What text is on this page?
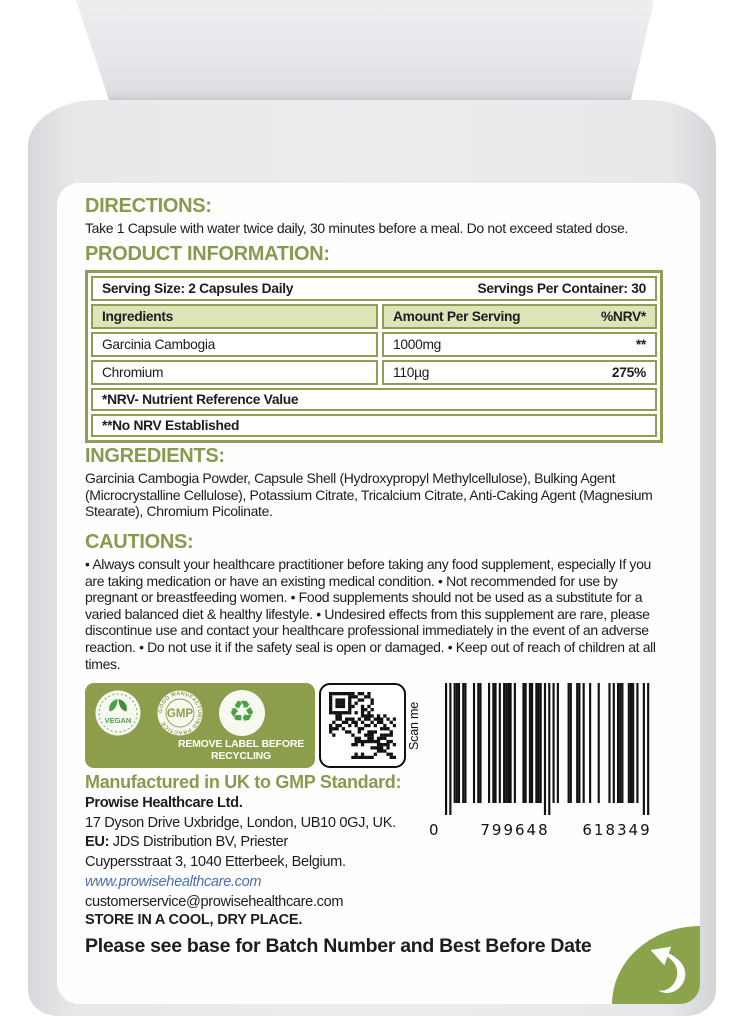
DIRECTIONS:
Take 1 Capsule with water twice daily, 30 minutes before a meal. Do not exceed stated dose.
PRODUCT INFORMATION:
Serving Size: 2 Capsules Daily	Servings Per Container: 30
Ingredients	Amount Per Serving	%NRV*
Garcinia Cambogia	1000mg	**
Chromium	110µg	275%
*NRV- Nutrient Reference Value
**No NRV Established
INGREDIENTS:
Garcinia Cambogia Powder, Capsule Shell (Hydroxypropyl Methylcellulose), Bulking Agent (Microcrystalline Cellulose), Potassium Citrate, Tricalcium Citrate, Anti-Caking Agent (Magnesium Stearate), Chromium Picolinate.
CAUTIONS:
• Always consult your healthcare practitioner before taking any food supplement, especially If you are taking medication or have an existing medical condition. • Not recommended for use by pregnant or breastfeeding women. • Food supplements should not be used as a substitute for a varied balanced diet & healthy lifestyle. • Undesired effects from this supplement are rare, please discontinue use and contact your healthcare professional immediately in the event of an adverse reaction. • Do not use it if the safety seal is open or damaged. • Keep out of reach of children at all times.
VEGAN
GOOD MANUFACTURING PRACTICE
GMP	♻
REMOVE LABEL BEFORE RECYCLING
Scan me
0	799648	618349
Manufactured in UK to GMP Standard:
Prowise Healthcare Ltd.
17 Dyson Drive Uxbridge, London, UB10 0GJ, UK.
EU: JDS Distribution BV, Priester
Cuypersstraat 3, 1040 Etterbeek, Belgium.
www.prowisehealthcare.com
customerservice@prowisehealthcare.com
STORE IN A COOL, DRY PLACE.
Please see base for Batch Number and Best Before Date
